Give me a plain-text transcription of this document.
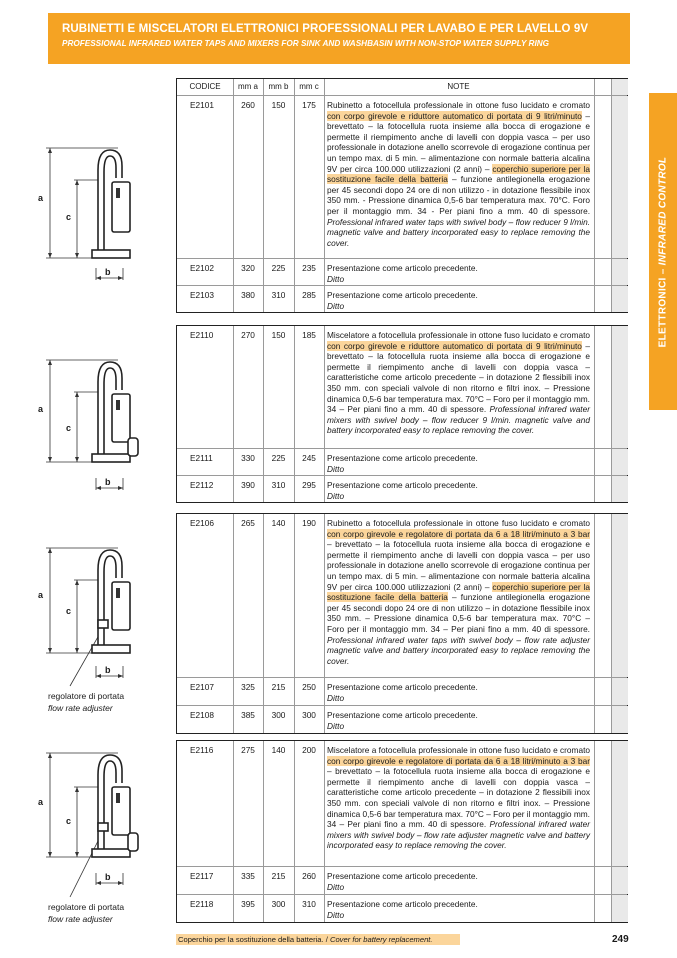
RUBINETTI E MISCELATORI ELETTRONICI PROFESSIONALI PER LAVABO E PER LAVELLO 9V
PROFESSIONAL INFRARED WATER TAPS AND MIXERS FOR SINK AND WASHBASIN WITH NON-STOP WATER SUPPLY RING
ELETTRONICI – INFRARED CONTROL
CODICE	mm a	mm b	mm c	NOTE
E2101	260	150	175	Rubinetto a fotocellula professionale in ottone fuso lucidato e cromato con corpo girevole e riduttore automatico di portata di 9 litri/minuto – brevettato – la fotocellula ruota insieme alla bocca di erogazione e permette il riempimento anche di lavelli con doppia vasca – per uso professionale in dotazione anello scorrevole di erogazione continua per un tempo max. di 5 min. – alimentazione con normale batteria alcalina 9V per circa 100.000 utilizzazioni (2 anni) – coperchio superiore per la sostituzione facile della batteria – funzione antilegionella erogazione per 45 secondi dopo 24 ore di non utilizzo - in dotazione flessibile inox 350 mm. - Pressione dinamica 0,5-6 bar temperatura max. 70°C. Foro per il montaggio mm. 34 - Per piani fino a mm. 40 di spessore. Professional infrared water taps with swivel body – flow reducer 9 l/min. magnetic valve and battery incorporated easy to replace removing the cover.
E2102	320	225	235	Presentazione come articolo precedente.
Ditto
E2103	380	310	285	Presentazione come articolo precedente.
Ditto
E2110	270	150	185	Miscelatore a fotocellula professionale in ottone fuso lucidato e cromato con corpo girevole e riduttore automatico di portata di 9 litri/minuto – brevettato – la fotocellula ruota insieme alla bocca di erogazione e permette il riempimento anche di lavelli con doppia vasca – caratteristiche come articolo precedente – in dotazione 2 flessibili inox 350 mm. con speciali valvole di non ritorno e filtri inox. – Pressione dinamica 0,5-6 bar temperatura max. 70°C – Foro per il montaggio mm. 34 – Per piani fino a mm. 40 di spessore. Professional infrared water mixers with swivel body – flow reducer 9 l/min. magnetic valve and battery incorporated easy to replace removing the cover.
E2111	330	225	245	Presentazione come articolo precedente.
Ditto
E2112	390	310	295	Presentazione come articolo precedente.
Ditto
E2106	265	140	190	Rubinetto a fotocellula professionale in ottone fuso lucidato e cromato con corpo girevole e regolatore di portata da 6 a 18 litri/minuto a 3 bar – brevettato – la fotocellula ruota insieme alla bocca di erogazione e permette il riempimento anche di lavelli con doppia vasca – per uso professionale in dotazione anello scorrevole di erogazione continua per un tempo max. di 5 min. – alimentazione con normale batteria alcalina 9V per circa 100.000 utilizzazioni (2 anni) – coperchio superiore per la sostituzione facile della batteria – funzione antilegionella erogazione per 45 secondi dopo 24 ore di non utilizzo – in dotazione flessibile inox 350 mm. – Pressione dinamica 0,5-6 bar temperatura max. 70°C – Foro per il montaggio mm. 34 – Per piani fino a mm. 40 di spessore. Professional infrared water taps with swivel body – flow rate adjuster magnetic valve and battery incorporated easy to replace removing the cover.
E2107	325	215	250	Presentazione come articolo precedente.
Ditto
E2108	385	300	300	Presentazione come articolo precedente.
Ditto
E2116	275	140	200	Miscelatore a fotocellula professionale in ottone fuso lucidato e cromato con corpo girevole e regolatore di portata da 6 a 18 litri/minuto a 3 bar – brevettato – la fotocellula ruota insieme alla bocca di erogazione e permette il riempimento anche di lavelli con doppia vasca – caratteristiche come articolo precedente – in dotazione 2 flessibili inox 350 mm. con speciali valvole di non ritorno e filtri inox. – Pressione dinamica 0,5-6 bar temperatura max. 70°C – Foro per il montaggio mm. 34 – Per piani fino a mm. 40 di spessore. Professional infrared water mixers with swivel body – flow rate adjuster magnetic valve and battery incorporated easy to replace removing the cover.
E2117	335	215	260	Presentazione come articolo precedente.
Ditto
E2118	395	300	310	Presentazione come articolo precedente.
Ditto
a
c
b
a
c
b
a
c
b
regolatore di portata
flow rate adjuster
a
c
b
regolatore di portata
flow rate adjuster
Coperchio per la sostituzione della batteria. / Cover for battery replacement.	249
